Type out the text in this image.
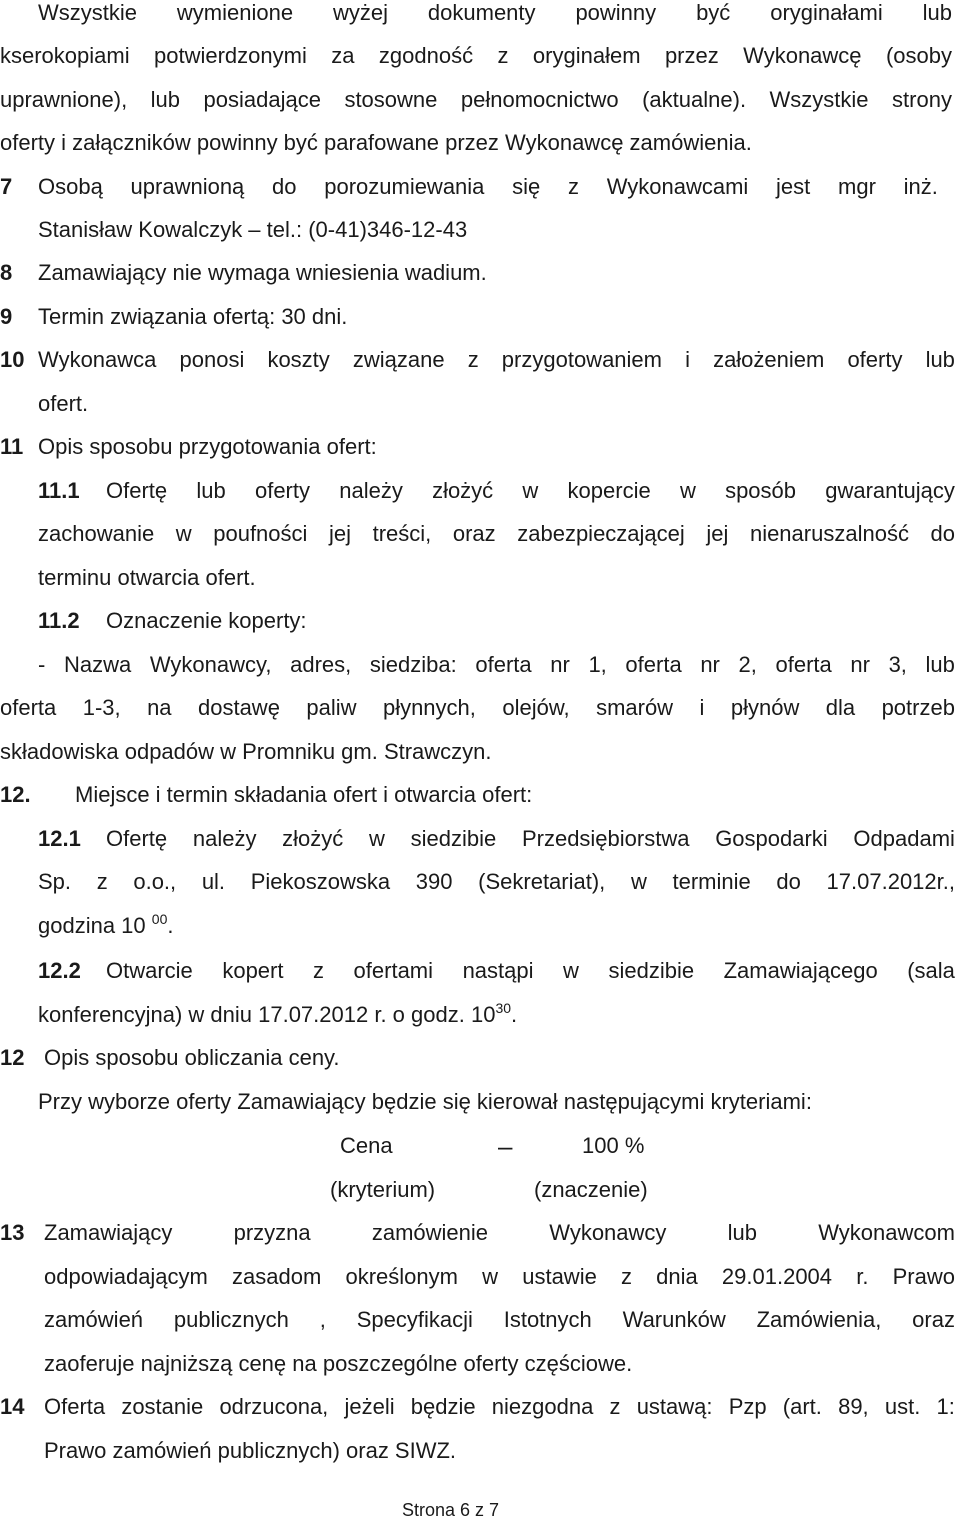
Wszystkie wymienione wyżej dokumenty powinny być oryginałami lub
kserokopiami potwierdzonymi za zgodność z oryginałem przez Wykonawcę (osoby
uprawnione), lub posiadające stosowne pełnomocnictwo (aktualne). Wszystkie strony
oferty i załączników powinny być parafowane przez Wykonawcę zamówienia.
7 Osobą uprawnioną do porozumiewania się z Wykonawcami jest mgr inż.
Stanisław Kowalczyk – tel.: (0-41)346-12-43
8 Zamawiający nie wymaga wniesienia wadium.
9 Termin związania ofertą: 30 dni.
10 Wykonawca ponosi koszty związane z przygotowaniem i założeniem oferty lub
ofert.
11 Opis sposobu przygotowania ofert:
11.1 Ofertę lub oferty należy złożyć w kopercie w sposób gwarantujący
zachowanie w poufności jej treści, oraz zabezpieczającej jej nienaruszalność do
terminu otwarcia ofert.
11.2 Oznaczenie koperty:
- Nazwa Wykonawcy, adres, siedziba: oferta nr 1, oferta nr 2, oferta nr 3, lub
oferta 1-3, na dostawę paliw płynnych, olejów, smarów i płynów dla potrzeb
składowiska odpadów w Promniku gm. Strawczyn.
12. Miejsce i termin składania ofert i otwarcia ofert:
12.1 Ofertę należy złożyć w siedzibie Przedsiębiorstwa Gospodarki Odpadami
Sp. z o.o., ul. Piekoszowska 390 (Sekretariat), w terminie do 17.07.2012r.,
godzina 10 $^{00}$.
12.2 Otwarcie kopert z ofertami nastąpi w siedzibie Zamawiającego (sala
konferencyjna) w dniu 17.07.2012 r. o godz. $10^{30}$.
12 Opis sposobu obliczania ceny.
Przy wyborze oferty Zamawiający będzie się kierował następującymi kryteriami:
Cena	–	100 %
(kryterium)	(znaczenie)
13 Zamawiający	przyzna	zamówienie	Wykonawcy	lub	Wykonawcom
odpowiadającym zasadom określonym w ustawie z dnia 29.01.2004 r. Prawo
zamówień publicznych , Specyfikacji Istotnych Warunków Zamówienia, oraz
zaoferuje najniższą cenę na poszczególne oferty częściowe.
14 Oferta zostanie odrzucona, jeżeli będzie niezgodna z ustawą: Pzp (art. 89, ust. 1:
Prawo zamówień publicznych) oraz SIWZ.
Strona 6 z 7
